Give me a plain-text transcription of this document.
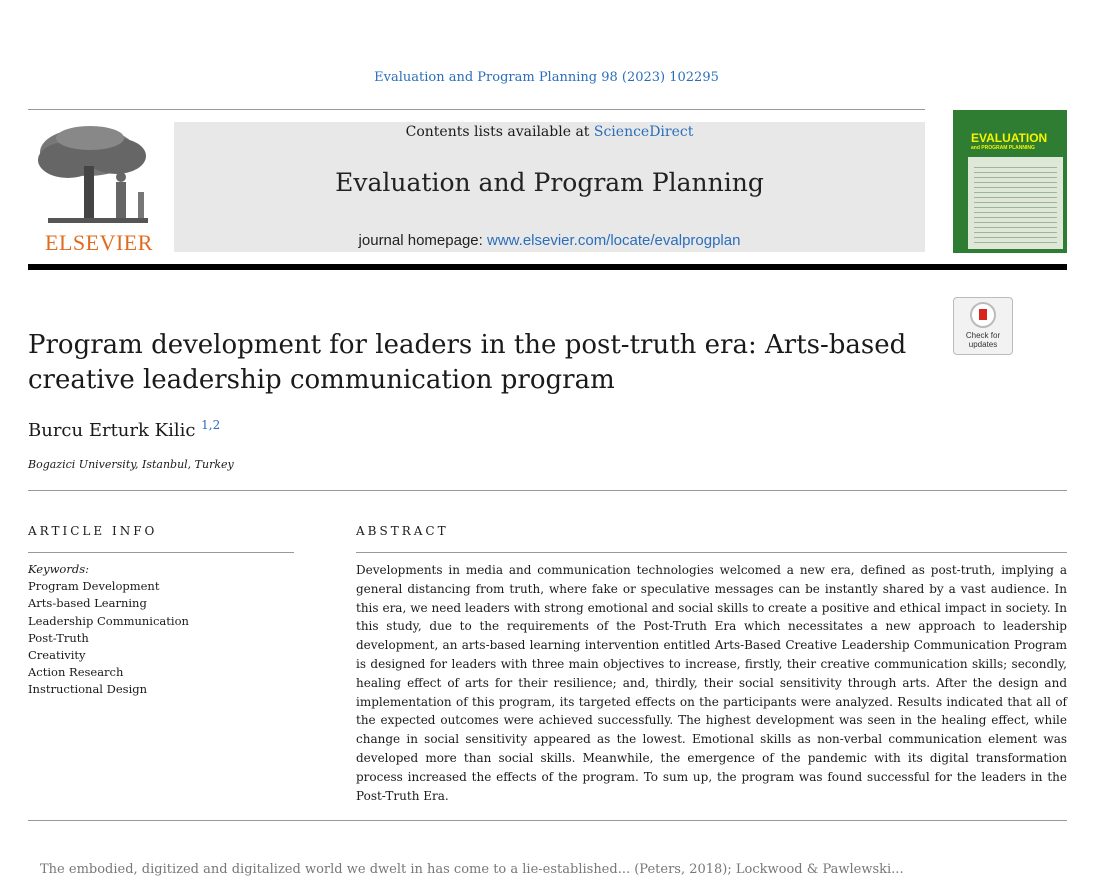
Evaluation and Program Planning 98 (2023) 102295
ELSEVIER
Contents lists available at ScienceDirect
Evaluation and Program Planning
journal homepage: www.elsevier.com/locate/evalprogplan
EVALUATION
and PROGRAM PLANNING
Check for
updates
Program development for leaders in the post-truth era: Arts-based creative leadership communication program
Burcu Erturk Kilic $^{1,2}$
Bogazici University, Istanbul, Turkey
ARTICLE INFO	ABSTRACT
Keywords:
Program Development
Arts-based Learning
Leadership Communication
Post-Truth
Creativity
Action Research
Instructional Design
Developments in media and communication technologies welcomed a new era, defined as post-truth, implying a general distancing from truth, where fake or speculative messages can be instantly shared by a vast audience. In this era, we need leaders with strong emotional and social skills to create a positive and ethical impact in society. In this study, due to the requirements of the Post-Truth Era which necessitates a new approach to leadership development, an arts-based learning intervention entitled Arts-Based Creative Leadership Communication Program is designed for leaders with three main objectives to increase, firstly, their creative communication skills; secondly, healing effect of arts for their resilience; and, thirdly, their social sensitivity through arts. After the design and implementation of this program, its targeted effects on the participants were analyzed. Results indicated that all of the expected outcomes were achieved successfully. The highest development was seen in the healing effect, while change in social sensitivity appeared as the lowest. Emotional skills as non-verbal communication element was developed more than social skills. Meanwhile, the emergence of the pandemic with its digital transformation process increased the effects of the program. To sum up, the program was found successful for the leaders in the Post-Truth Era.
The embodied, digitized and digitalized world we dwelt in has come to a lie-established... (Peters, 2018); Lockwood & Pawlewski...
